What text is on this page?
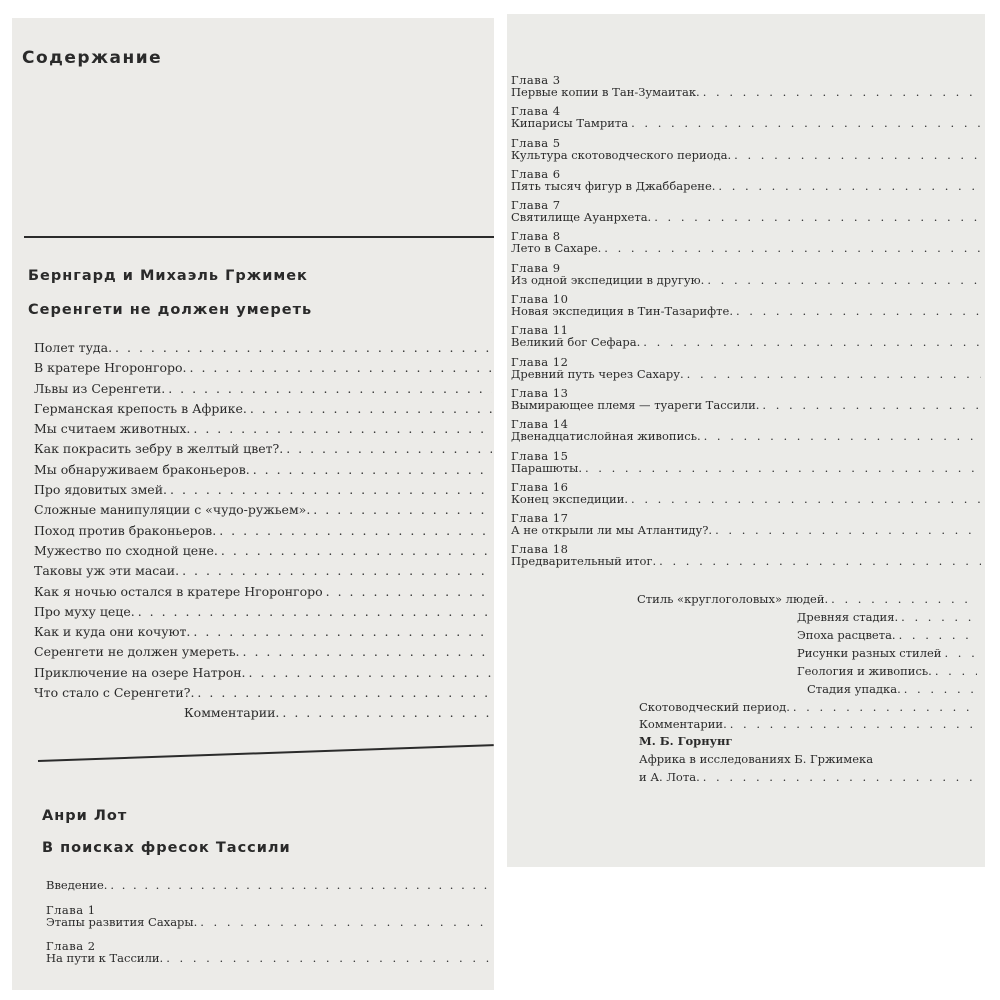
Содержание
Бернгард и Михаэль Гржимек
Серенгети не должен умереть
Полет туда.
. . .
В кратере Нгоронгоро.
. . .
Львы из Серенгети.
. . .
Германская крепость в Африке.
. . .
Мы считаем животных.
. . .
Как покрасить зебру в желтый цвет?.
. . .
Мы обнаруживаем браконьеров.
. . .
Про ядовитых змей.
. . .
Сложные манипуляции с «чудо-ружьем».
. . .
Поход против браконьеров.
. . .
Мужество по сходной цене.
. . .
Таковы уж эти масаи.
. . .
Как я ночью остался в кратере Нгоронгоро
. . .
Про муху цеце.
. . .
Как и куда они кочуют.
. . .
Серенгети не должен умереть.
. . .
Приключение на озере Натрон.
. . .
Что стало с Серенгети?.
. . .
Комментарии.
. . .
Анри Лот
В поисках фресок Тассили
Введение.
. . .
Глава 1
Этапы развития Сахары.
. . .
Глава 2
На пути к Тассили.
. . .
Глава 3
Первые копии в Тан-Зумаитак.
. . .
Глава 4
Кипарисы Тамрита
. . .
Глава 5
Культура скотоводческого периода.
. . .
Глава 6
Пять тысяч фигур в Джаббарене.
. . .
Глава 7
Святилище Ауанрхета.
. . .
Глава 8
Лето в Сахаре.
. . .
Глава 9
Из одной экспедиции в другую.
. . .
Глава 10
Новая экспедиция в Тин-Тазарифте.
. . .
Глава 11
Великий бог Сефара.
. . .
Глава 12
Древний путь через Сахару.
. . .
Глава 13
Вымирающее племя — туареги Тассили.
. . .
Глава 14
Двенадцатислойная живопись.
. . .
Глава 15
Парашюты.
. . .
Глава 16
Конец экспедиции.
. . .
Глава 17
А не открыли ли мы Атлантиду?.
. . .
Глава 18
Предварительный итог.
. . .
Стиль «круглоголовых» людей.
. . .
Древняя стадия.
. . .
Эпоха расцвета.
. . .
Рисунки разных стилей
. . .
Геология и живопись.
. . .
Стадия упадка.
. . .
Скотоводческий период.
. . .
Комментарии.
. . .
М. Б. Горнунг
Африка в исследованиях Б. Гржимека
и А. Лота.
. . .
